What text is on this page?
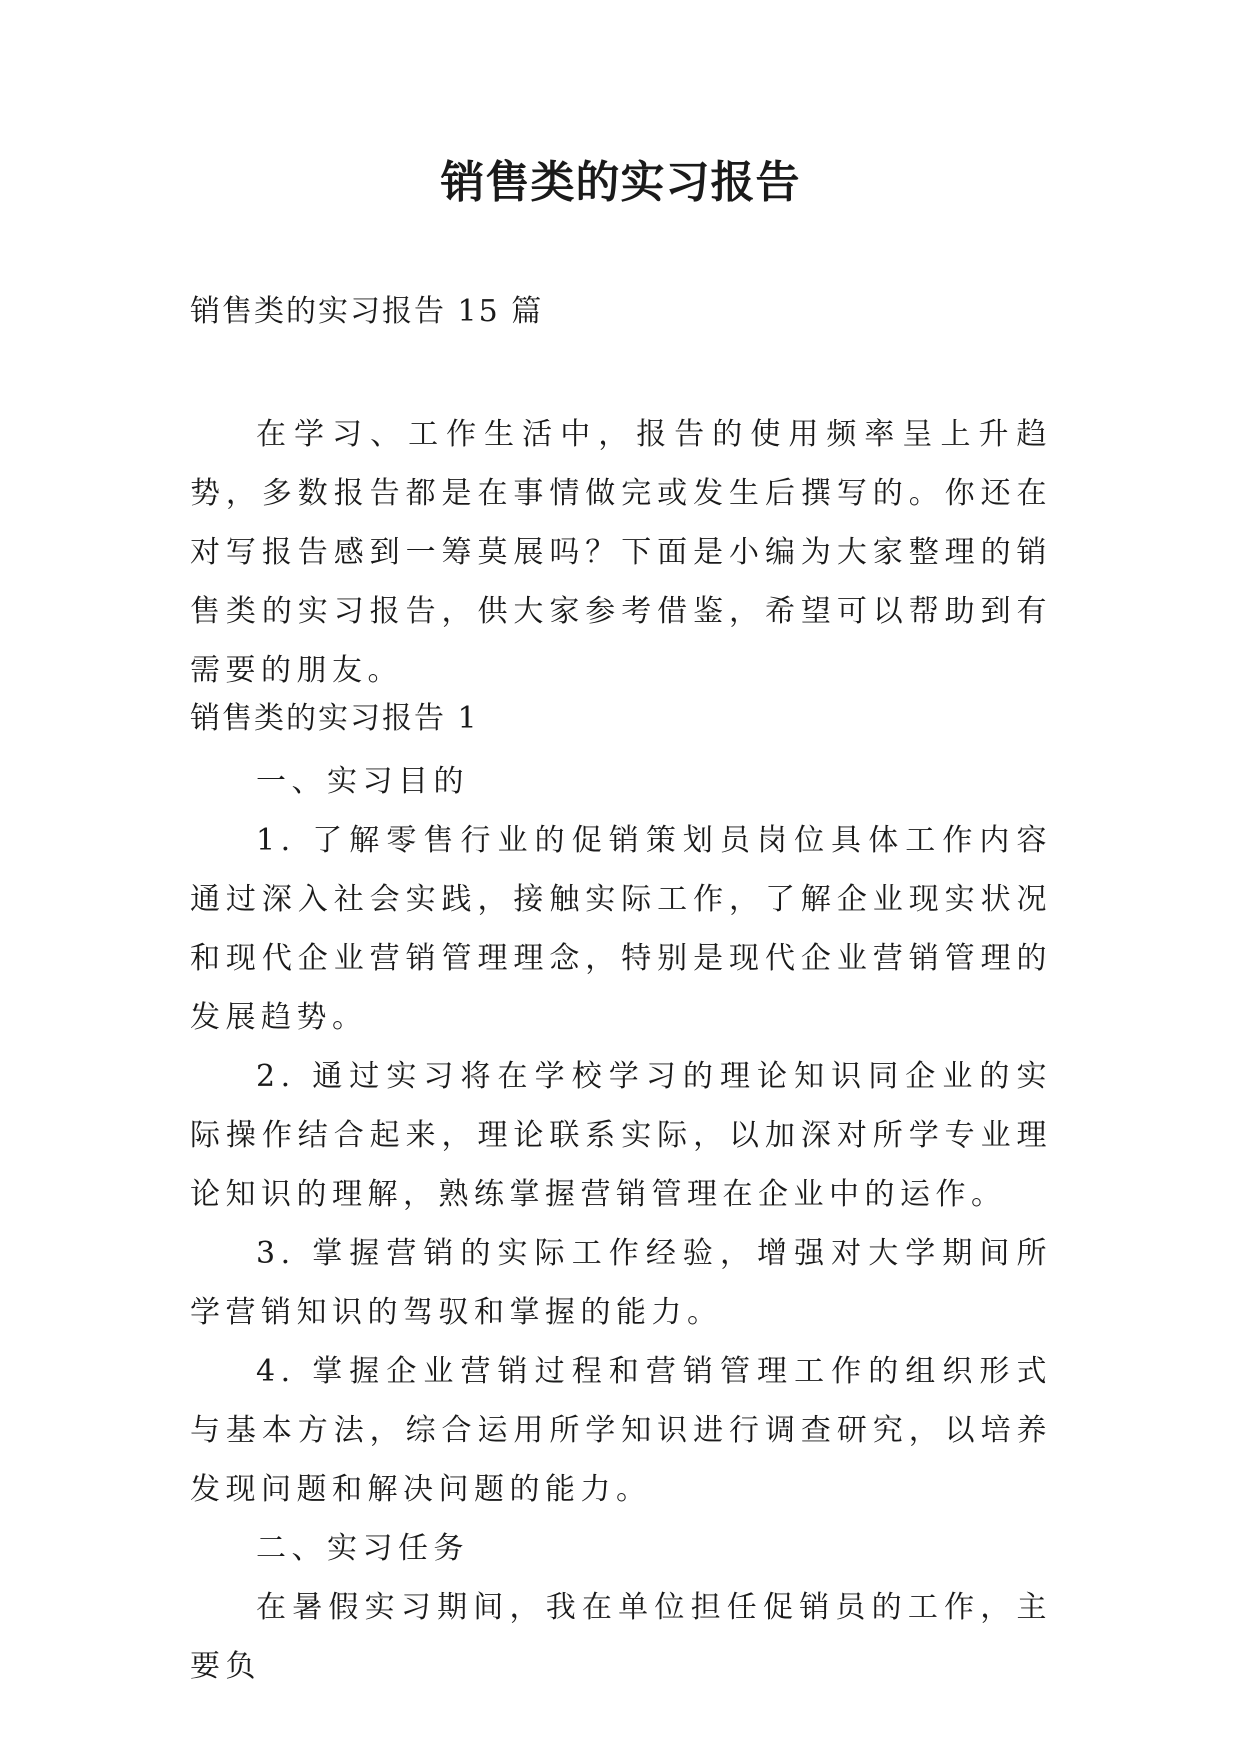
销售类的实习报告

销售类的实习报告 15 篇

在学习、工作生活中，报告的使用频率呈上升趋势，多数报告都是在事情做完或发生后撰写的。你还在对写报告感到一筹莫展吗？下面是小编为大家整理的销售类的实习报告，供大家参考借鉴，希望可以帮助到有需要的朋友。

销售类的实习报告 1

一、实习目的

1. 了解零售行业的促销策划员岗位具体工作内容通过深入社会实践，接触实际工作，了解企业现实状况和现代企业营销管理理念，特别是现代企业营销管理的发展趋势。

2. 通过实习将在学校学习的理论知识同企业的实际操作结合起来，理论联系实际，以加深对所学专业理论知识的理解，熟练掌握营销管理在企业中的运作。

3. 掌握营销的实际工作经验，增强对大学期间所学营销知识的驾驭和掌握的能力。

4. 掌握企业营销过程和营销管理工作的组织形式与基本方法，综合运用所学知识进行调查研究，以培养发现问题和解决问题的能力。

二、实习任务

在暑假实习期间，我在单位担任促销员的工作，主要负
